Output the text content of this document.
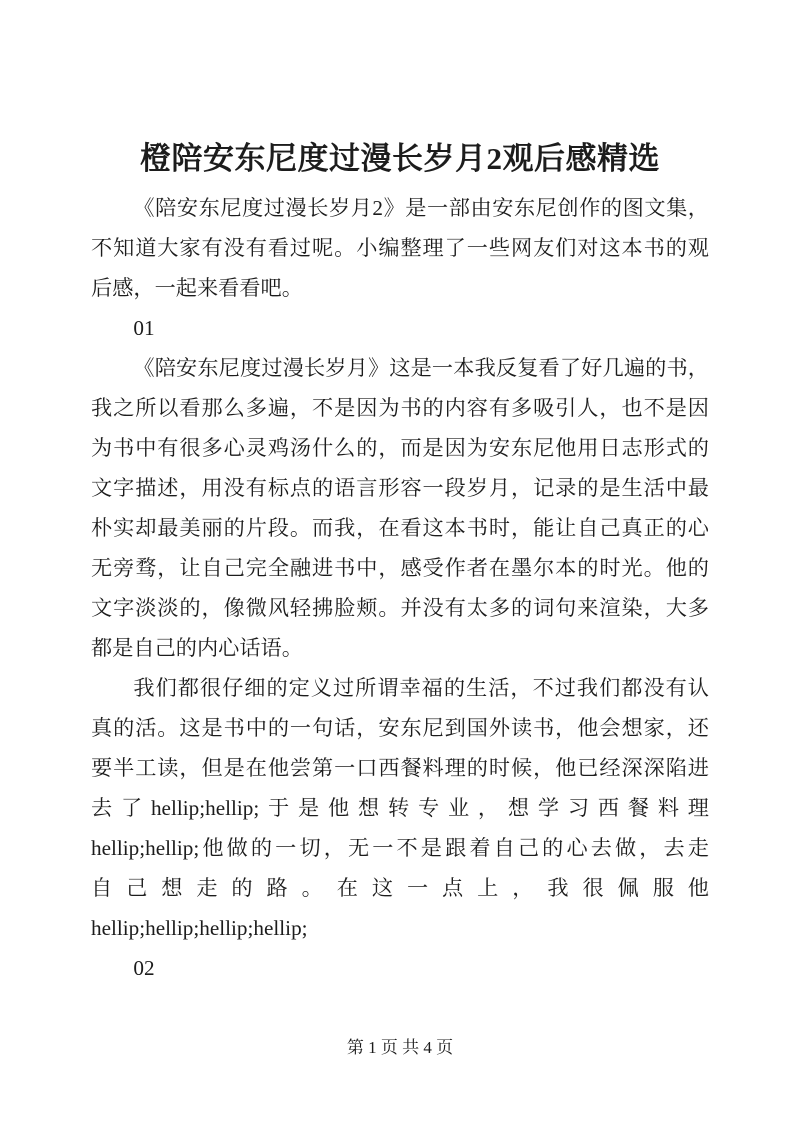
橙陪安东尼度过漫长岁月2观后感精选
《陪安东尼度过漫长岁月2》是一部由安东尼创作的图文集，
不知道大家有没有看过呢。小编整理了一些网友们对这本书的观
后感，一起来看看吧。
01
《陪安东尼度过漫长岁月》这是一本我反复看了好几遍的书，
我之所以看那么多遍，不是因为书的内容有多吸引人，也不是因
为书中有很多心灵鸡汤什么的，而是因为安东尼他用日志形式的
文字描述，用没有标点的语言形容一段岁月，记录的是生活中最
朴实却最美丽的片段。而我，在看这本书时，能让自己真正的心
无旁骛，让自己完全融进书中，感受作者在墨尔本的时光。他的
文字淡淡的，像微风轻拂脸颊。并没有太多的词句来渲染，大多
都是自己的内心话语。
我们都很仔细的定义过所谓幸福的生活，不过我们都没有认
真的活。这是书中的一句话，安东尼到国外读书，他会想家，还
要半工读，但是在他尝第一口西餐料理的时候，他已经深深陷进
去了hellip;hellip;于是他想转专业，想学习西餐料理
hellip;hellip;他做的一切，无一不是跟着自己的心去做，去走
自己想走的路。在这一点上，我很佩服他
hellip;hellip;hellip;hellip;
02
第 1 页 共 4 页
